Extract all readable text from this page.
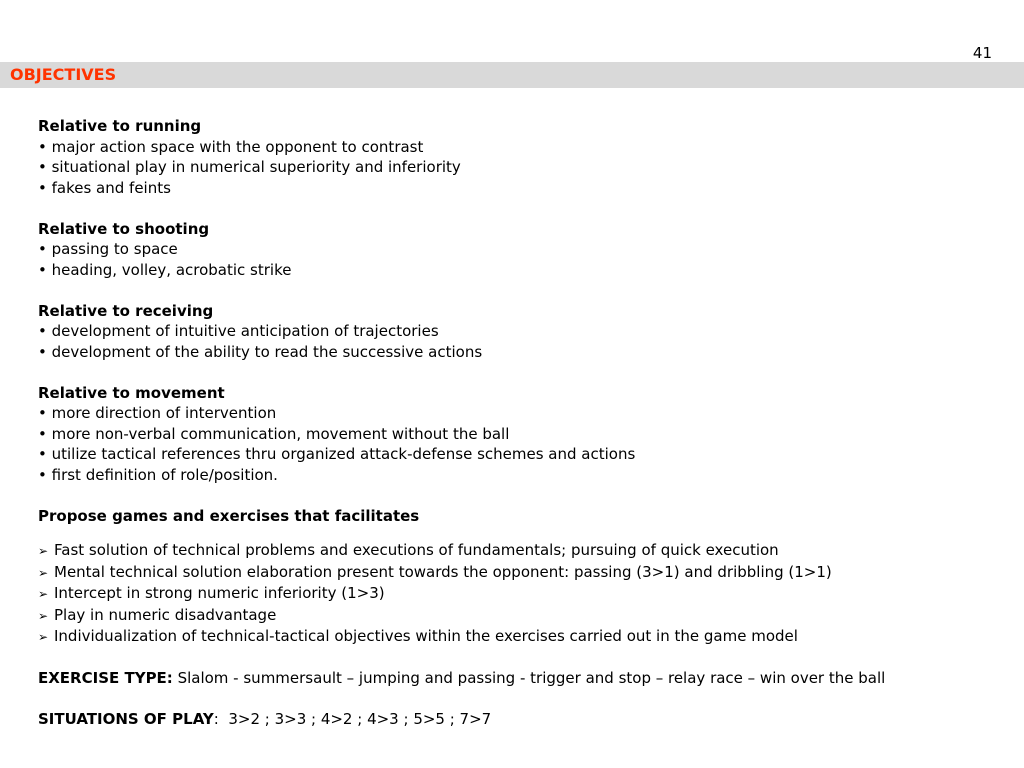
41
OBJECTIVES
Relative to running
• major action space with the opponent to contrast
• situational play in numerical superiority and inferiority
• fakes and feints
Relative to shooting
• passing to space
• heading, volley, acrobatic strike
Relative to receiving
• development of intuitive anticipation of trajectories
• development of the ability to read the successive actions
Relative to movement
• more direction of intervention
• more non-verbal communication, movement without the ball
• utilize tactical references thru organized attack-defense schemes and actions
• first definition of role/position.
Propose games and exercises that facilitates
➢ Fast solution of technical problems and executions of fundamentals; pursuing of quick execution
➢ Mental technical solution elaboration present towards the opponent: passing (3>1) and dribbling (1>1)
➢ Intercept in strong numeric inferiority (1>3)
➢ Play in numeric disadvantage
➢ Individualization of technical-tactical objectives within the exercises carried out in the game model
EXERCISE TYPE: Slalom - summersault – jumping and passing - trigger and stop – relay race – win over the ball
SITUATIONS OF PLAY:  3>2 ; 3>3 ; 4>2 ; 4>3 ; 5>5 ; 7>7
